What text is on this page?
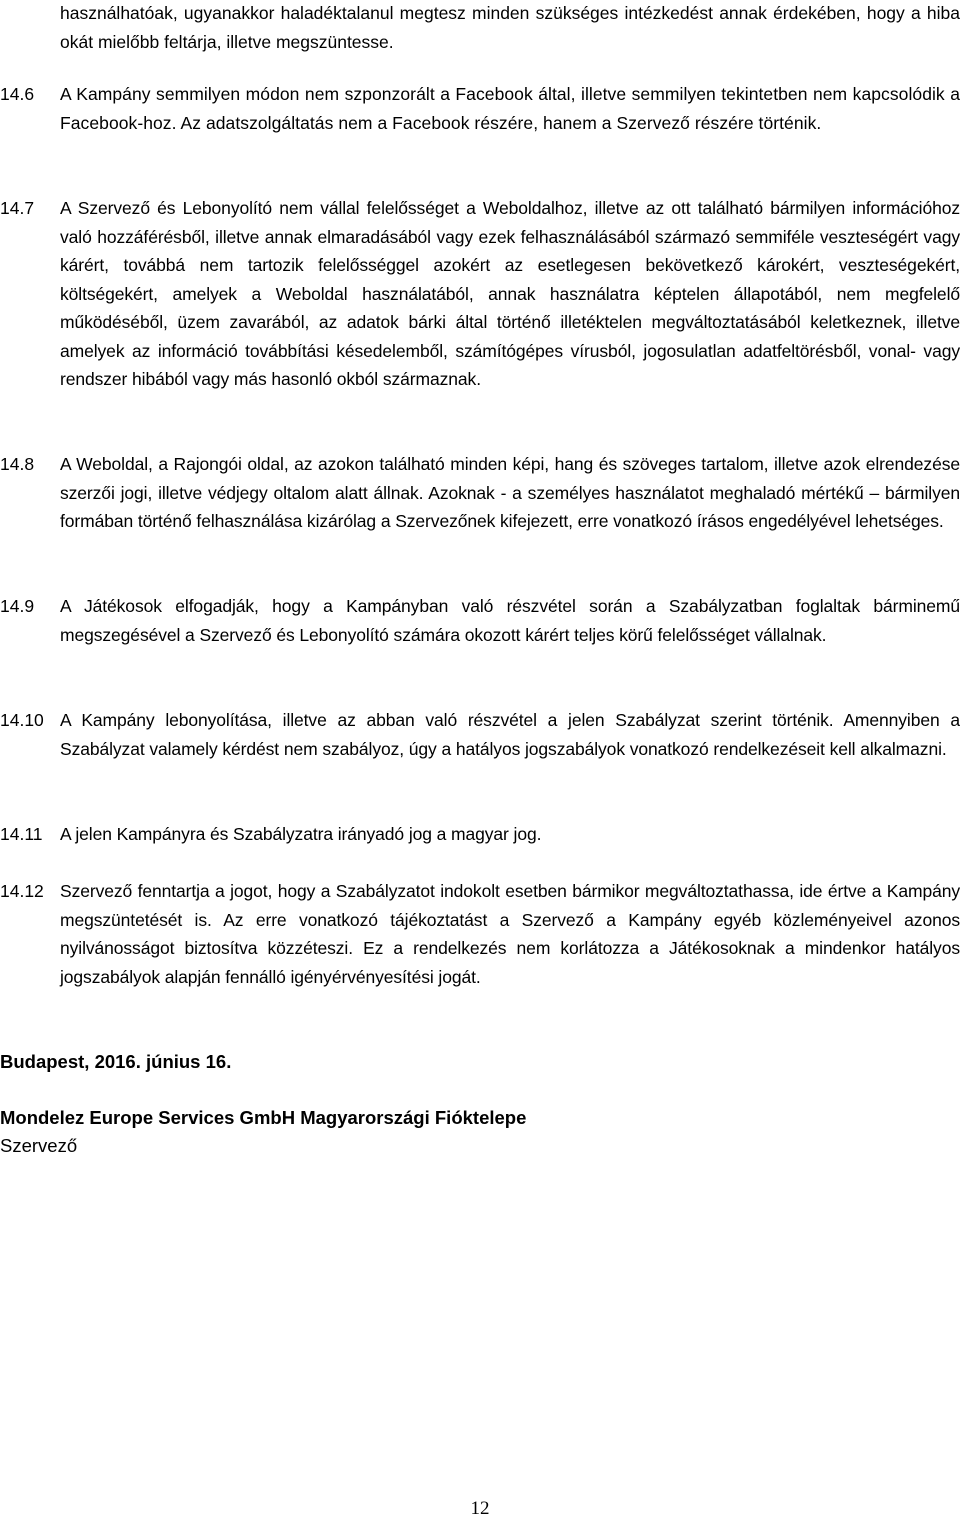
használhatóak, ugyanakkor haladéktalanul megtesz minden szükséges intézkedést annak érdekében, hogy a hiba okát mielőbb feltárja, illetve megszüntesse.
14.6 A Kampány semmilyen módon nem szponzorált a Facebook által, illetve semmilyen tekintetben nem kapcsolódik a Facebook-hoz. Az adatszolgáltatás nem a Facebook részére, hanem a Szervező részére történik.
14.7 A Szervező és Lebonyolító nem vállal felelősséget a Weboldalhoz, illetve az ott található bármilyen információhoz való hozzáférésből, illetve annak elmaradásából vagy ezek felhasználásából származó semmiféle veszteségért vagy kárért, továbbá nem tartozik felelősséggel azokért az esetlegesen bekövetkező károkért, veszteségekért, költségekért, amelyek a Weboldal használatából, annak használatra képtelen állapotából, nem megfelelő működéséből, üzem zavarából, az adatok bárki által történő illetéktelen megváltoztatásából keletkeznek, illetve amelyek az információ továbbítási késedelemből, számítógépes vírusból, jogosulatlan adatfeltörésből, vonal- vagy rendszer hibából vagy más hasonló okból származnak.
14.8 A Weboldal, a Rajongói oldal, az azokon található minden képi, hang és szöveges tartalom, illetve azok elrendezése szerzői jogi, illetve védjegy oltalom alatt állnak. Azoknak - a személyes használatot meghaladó mértékű – bármilyen formában történő felhasználása kizárólag a Szervezőnek kifejezett, erre vonatkozó írásos engedélyével lehetséges.
14.9 A Játékosok elfogadják, hogy a Kampányban való részvétel során a Szabályzatban foglaltak bárminemű megszegésével a Szervező és Lebonyolító számára okozott kárért teljes körű felelősséget vállalnak.
14.10 A Kampány lebonyolítása, illetve az abban való részvétel a jelen Szabályzat szerint történik. Amennyiben a Szabályzat valamely kérdést nem szabályoz, úgy a hatályos jogszabályok vonatkozó rendelkezéseit kell alkalmazni.
14.11 A jelen Kampányra és Szabályzatra irányadó jog a magyar jog.
14.12 Szervező fenntartja a jogot, hogy a Szabályzatot indokolt esetben bármikor megváltoztathassa, ide értve a Kampány megszüntetését is. Az erre vonatkozó tájékoztatást a Szervező a Kampány egyéb közleményeivel azonos nyilvánosságot biztosítva közzéteszi. Ez a rendelkezés nem korlátozza a Játékosoknak a mindenkor hatályos jogszabályok alapján fennálló igényérvényesítési jogát.
Budapest, 2016. június 16.
Mondelez Europe Services GmbH Magyarországi Fióktelepe
Szervező
12
